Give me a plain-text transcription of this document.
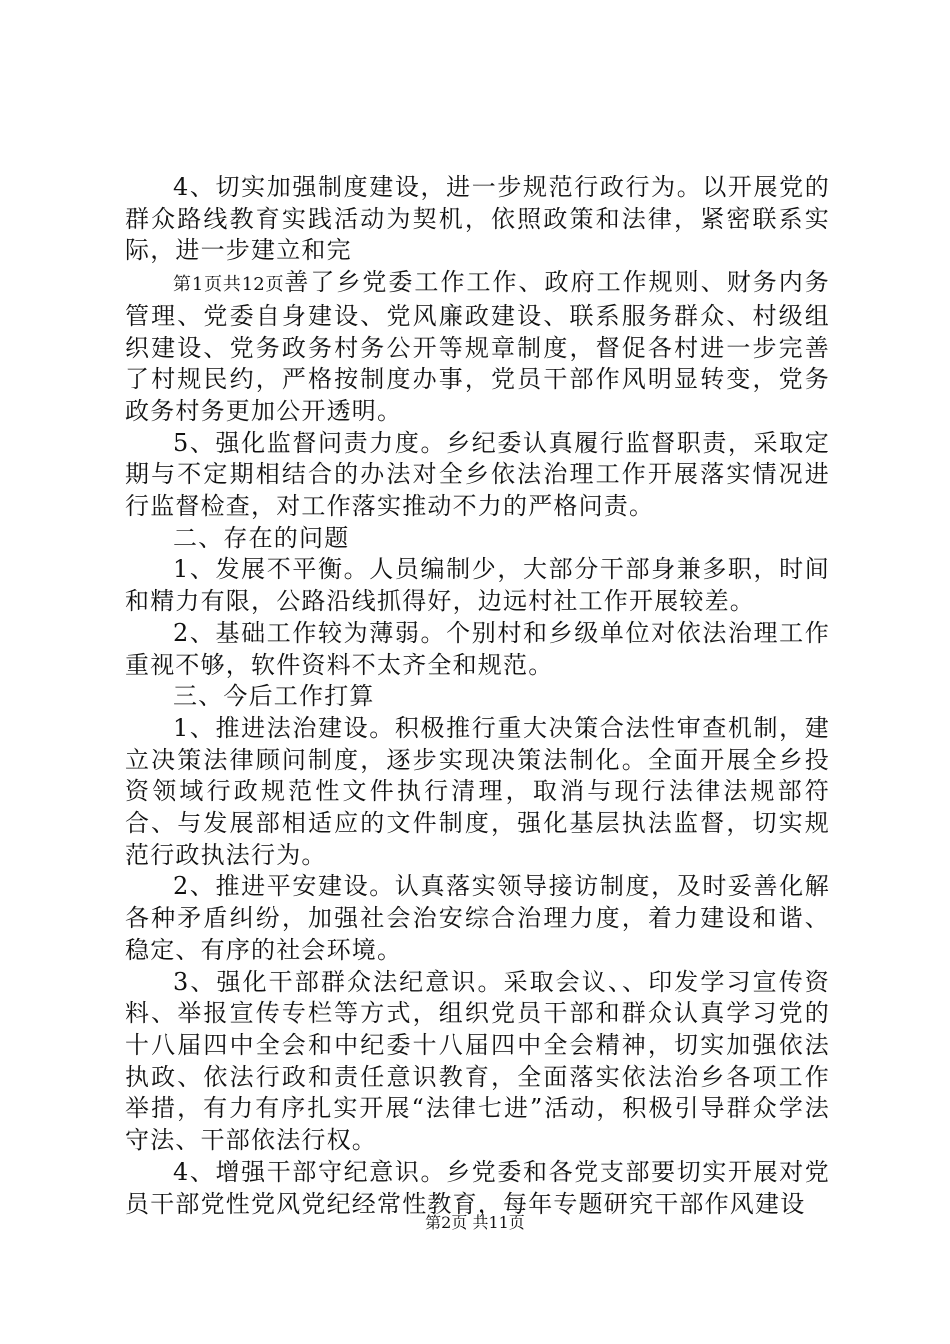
4、切实加强制度建设，进一步规范行政行为。以开展党的群众路线教育实践活动为契机，依照政策和法律，紧密联系实际，进一步建立和完

第1页共12页善了乡党委工作工作、政府工作规则、财务内务管理、党委自身建设、党风廉政建设、联系服务群众、村级组织建设、党务政务村务公开等规章制度，督促各村进一步完善了村规民约，严格按制度办事，党员干部作风明显转变，党务政务村务更加公开透明。

5、强化监督问责力度。乡纪委认真履行监督职责，采取定期与不定期相结合的办法对全乡依法治理工作开展落实情况进行监督检查，对工作落实推动不力的严格问责。

二、存在的问题

1、发展不平衡。人员编制少，大部分干部身兼多职，时间和精力有限，公路沿线抓得好，边远村社工作开展较差。

2、基础工作较为薄弱。个别村和乡级单位对依法治理工作重视不够，软件资料不太齐全和规范。

三、今后工作打算

1、推进法治建设。积极推行重大决策合法性审查机制，建立决策法律顾问制度，逐步实现决策法制化。全面开展全乡投资领域行政规范性文件执行清理，取消与现行法律法规部符合、与发展部相适应的文件制度，强化基层执法监督，切实规范行政执法行为。

2、推进平安建设。认真落实领导接访制度，及时妥善化解各种矛盾纠纷，加强社会治安综合治理力度，着力建设和谐、稳定、有序的社会环境。

3、强化干部群众法纪意识。采取会议、、印发学习宣传资料、举报宣传专栏等方式，组织党员干部和群众认真学习党的十八届四中全会和中纪委十八届四中全会精神，切实加强依法执政、依法行政和责任意识教育，全面落实依法治乡各项工作举措，有力有序扎实开展“法律七进”活动，积极引导群众学法守法、干部依法行权。

4、增强干部守纪意识。乡党委和各党支部要切实开展对党员干部党性党风党纪经常性教育，每年专题研究干部作风建设

第2页 共11页
